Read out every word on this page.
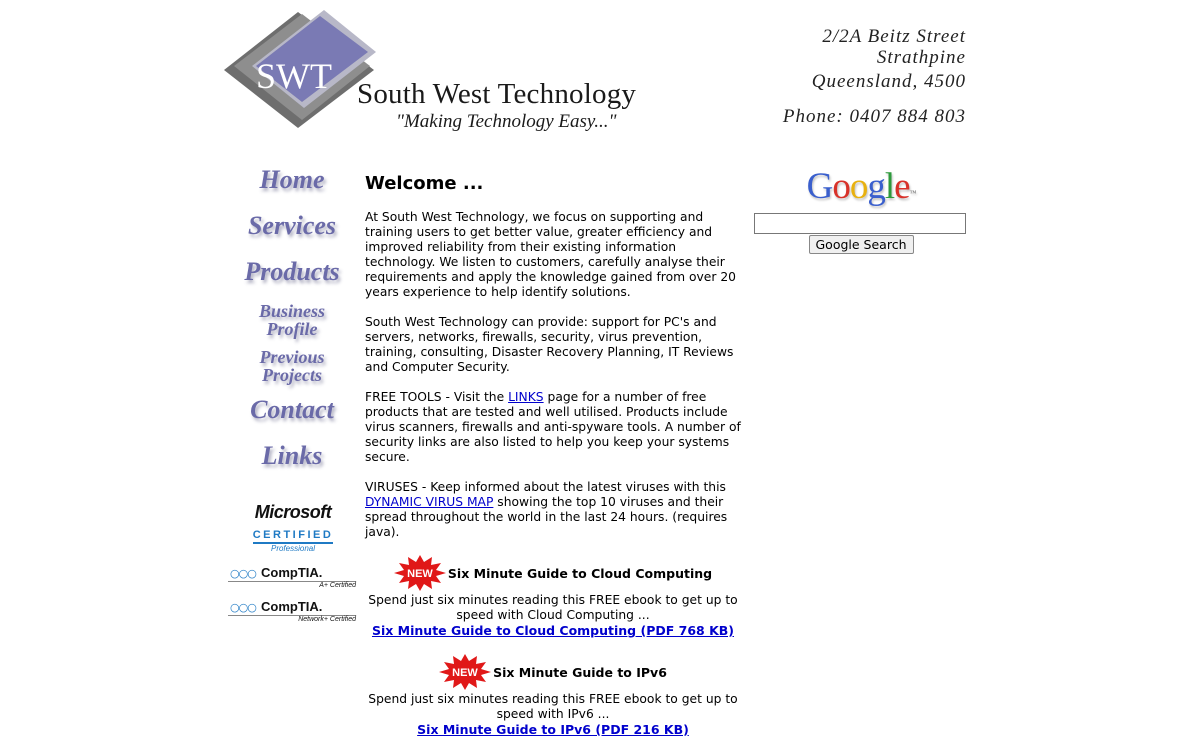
SWT South West Technology
"Making Technology Easy..."
2/2A Beitz Street
Strathpine
Queensland, 4500
Phone: 0407 884 803
Home
Services
Products
Business
Profile
Previous
Projects
Contact
Links
Microsoft
CERTIFIED
Professional
○○○ CompTIA.
A+ Certified
○○○ CompTIA.
Network+ Certified
Welcome ...

At South West Technology, we focus on supporting and training users to get better value, greater efficiency and improved reliability from their existing information technology. We listen to customers, carefully analyse their requirements and apply the knowledge gained from over 20 years experience to help identify solutions.

South West Technology can provide: support for PC's and servers, networks, firewalls, security, virus prevention, training, consulting, Disaster Recovery Planning, IT Reviews and Computer Security.

FREE TOOLS - Visit the LINKS page for a number of free products that are tested and well utilised. Products include virus scanners, firewalls and anti-spyware tools. A number of security links are also listed to help you keep your systems secure.

VIRUSES - Keep informed about the latest viruses with this DYNAMIC VIRUS MAP showing the top 10 viruses and their spread throughout the world in the last 24 hours. (requires java).

NEW Six Minute Guide to Cloud Computing
Spend just six minutes reading this FREE ebook to get up to speed with Cloud Computing ...
Six Minute Guide to Cloud Computing (PDF 768 KB)
NEW Six Minute Guide to IPv6
Spend just six minutes reading this FREE ebook to get up to speed with IPv6 ...
Six Minute Guide to IPv6 (PDF 216 KB)
Google™
Google Search
